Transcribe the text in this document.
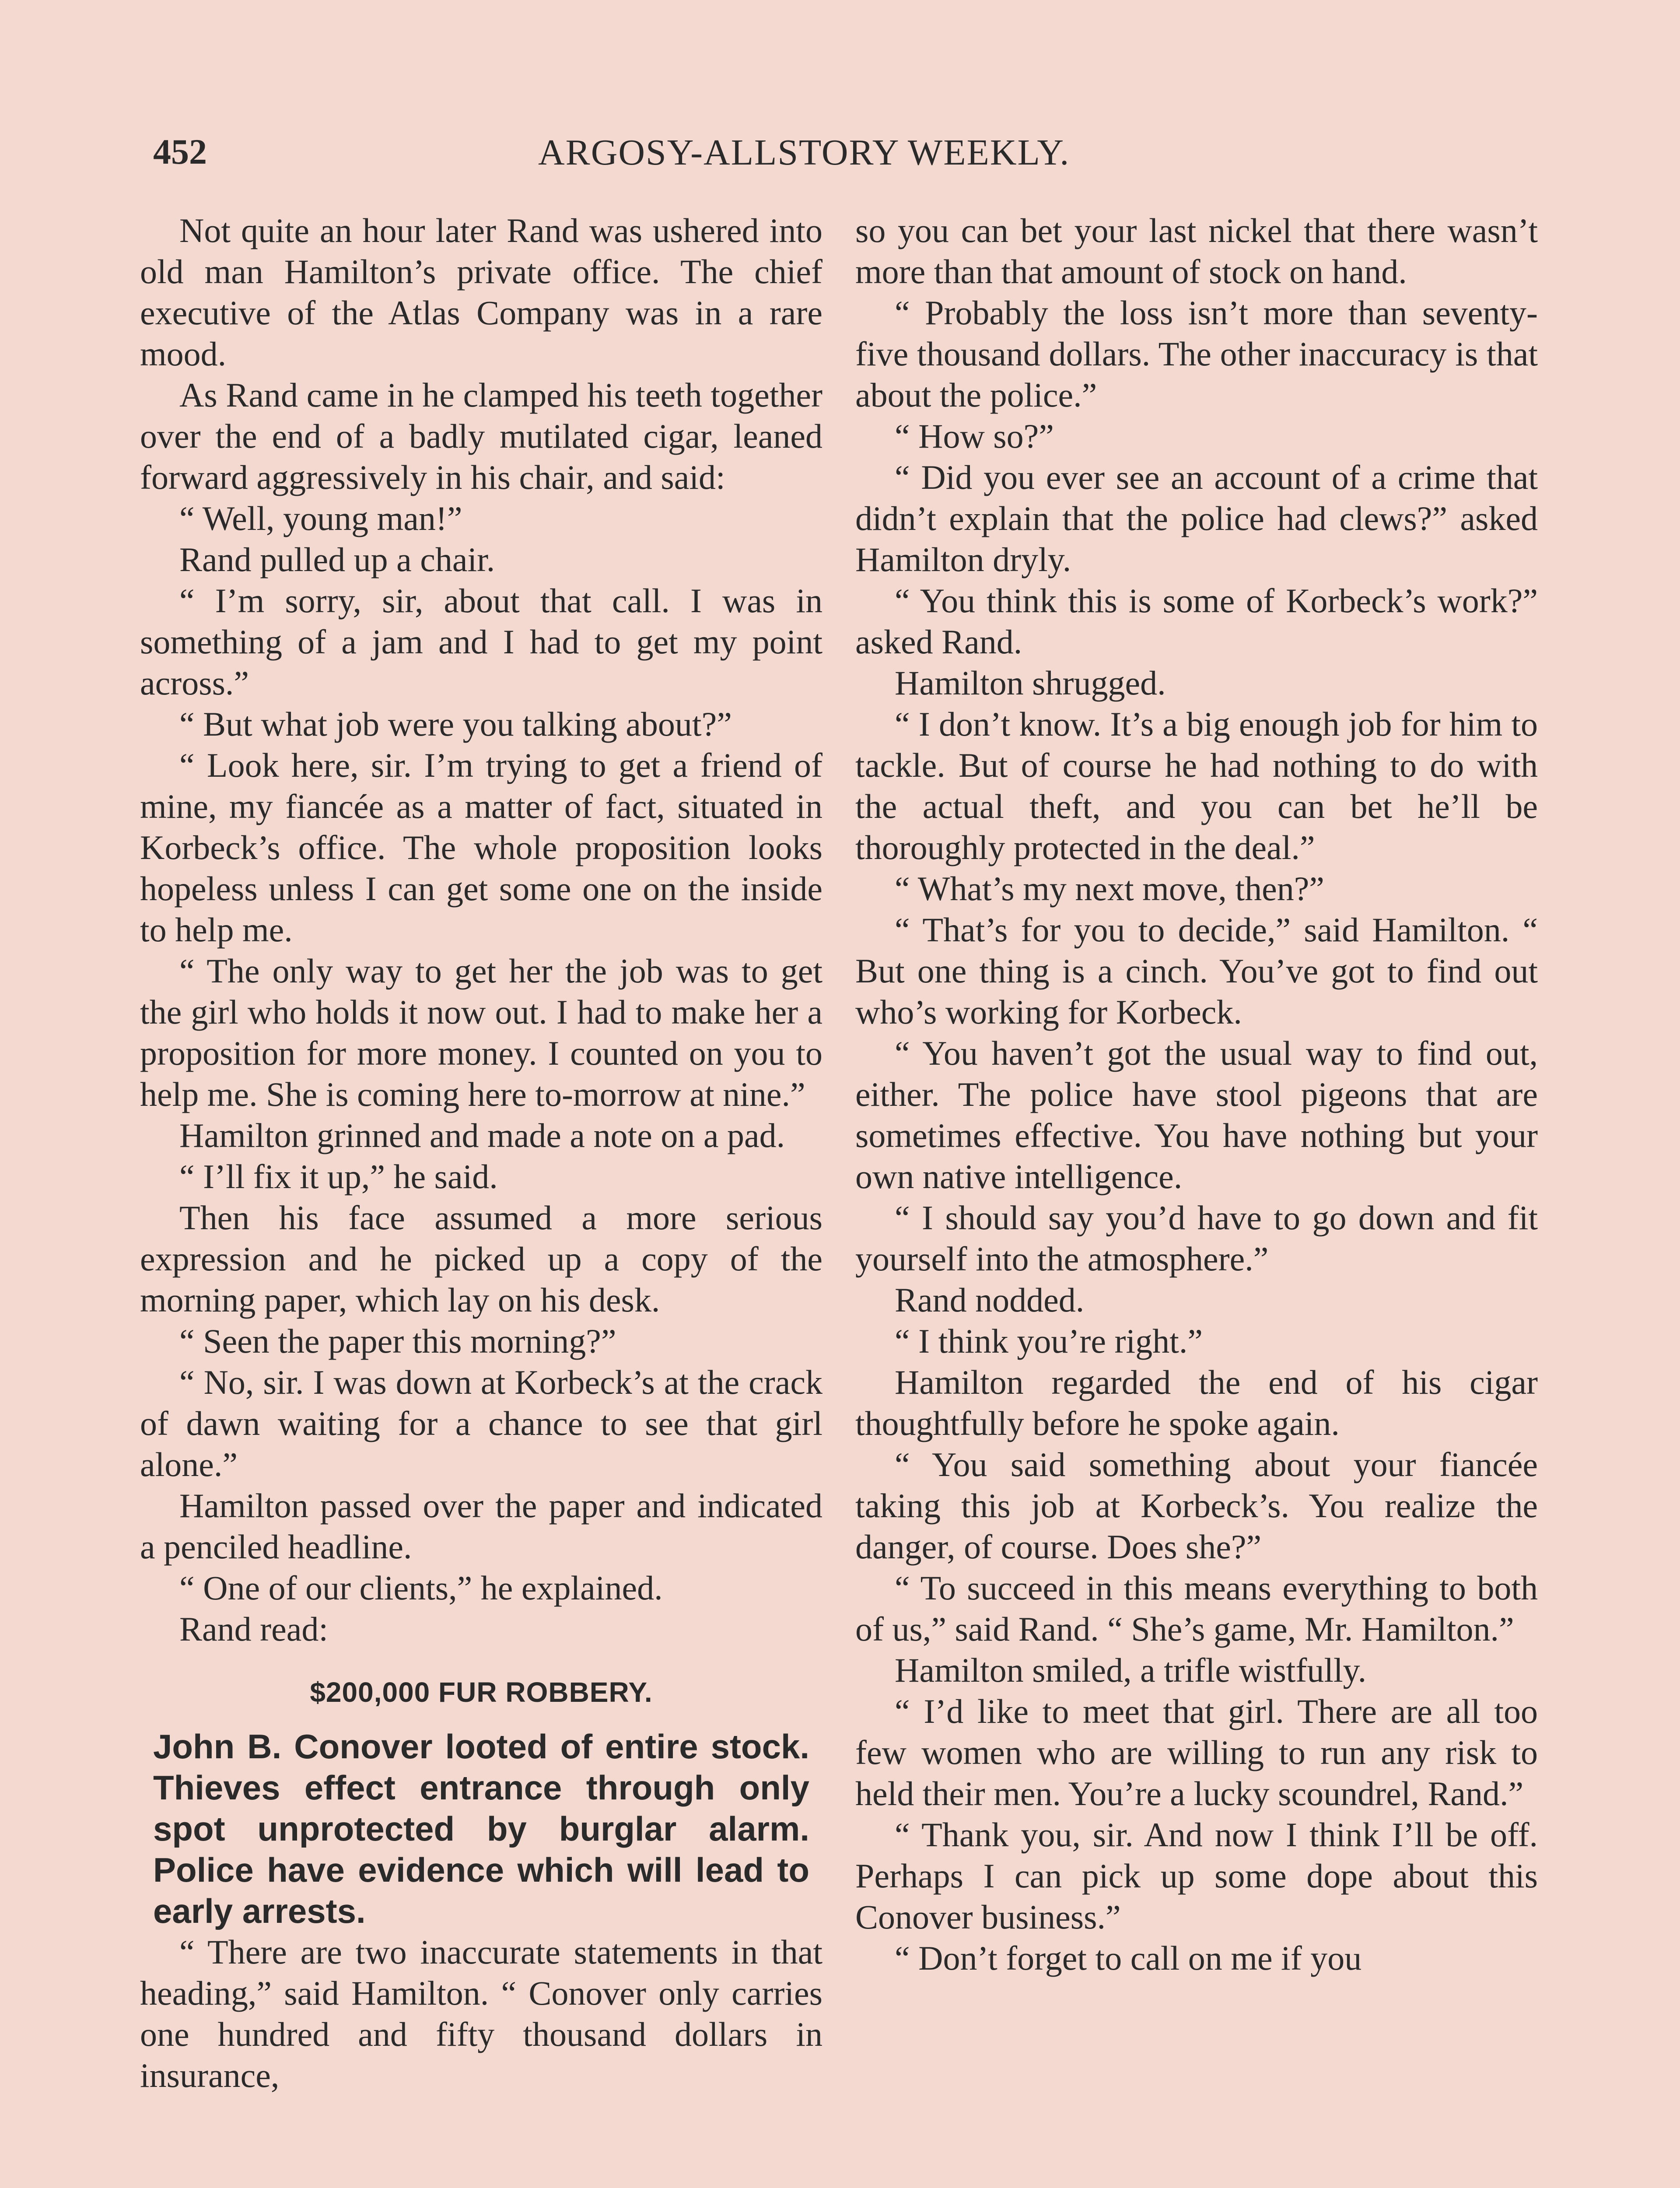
452	ARGOSY-ALLSTORY WEEKLY.

Not quite an hour later Rand was ushered into old man Hamilton’s private office. The chief executive of the Atlas Company was in a rare mood.

As Rand came in he clamped his teeth together over the end of a badly mutilated cigar, leaned forward aggressively in his chair, and said:

“ Well, young man!”

Rand pulled up a chair.

“ I’m sorry, sir, about that call. I was in something of a jam and I had to get my point across.”

“ But what job were you talking about?”

“ Look here, sir. I’m trying to get a friend of mine, my fiancée as a matter of fact, situated in Korbeck’s office. The whole proposition looks hopeless unless I can get some one on the inside to help me.

“ The only way to get her the job was to get the girl who holds it now out. I had to make her a proposition for more money. I counted on you to help me. She is coming here to-morrow at nine.”

Hamilton grinned and made a note on a pad.

“ I’ll fix it up,” he said.

Then his face assumed a more serious expression and he picked up a copy of the morning paper, which lay on his desk.

“ Seen the paper this morning?”

“ No, sir. I was down at Korbeck’s at the crack of dawn waiting for a chance to see that girl alone.”

Hamilton passed over the paper and indicated a penciled headline.

“ One of our clients,” he explained.

Rand read:

$200,000 FUR ROBBERY.

John B. Conover looted of entire stock. Thieves effect entrance through only spot unprotected by burglar alarm. Police have evidence which will lead to early arrests.

“ There are two inaccurate statements in that heading,” said Hamilton. “ Conover only carries one hundred and fifty thousand dollars in insurance,

so you can bet your last nickel that there wasn’t more than that amount of stock on hand.

“ Probably the loss isn’t more than seventy-five thousand dollars. The other inaccuracy is that about the police.”

“ How so?”

“ Did you ever see an account of a crime that didn’t explain that the police had clews?” asked Hamilton dryly.

“ You think this is some of Korbeck’s work?” asked Rand.

Hamilton shrugged.

“ I don’t know. It’s a big enough job for him to tackle. But of course he had nothing to do with the actual theft, and you can bet he’ll be thoroughly protected in the deal.”

“ What’s my next move, then?”

“ That’s for you to decide,” said Hamilton. “ But one thing is a cinch. You’ve got to find out who’s working for Korbeck.

“ You haven’t got the usual way to find out, either. The police have stool pigeons that are sometimes effective. You have nothing but your own native intelligence.

“ I should say you’d have to go down and fit yourself into the atmosphere.”

Rand nodded.

“ I think you’re right.”

Hamilton regarded the end of his cigar thoughtfully before he spoke again.

“ You said something about your fiancée taking this job at Korbeck’s. You realize the danger, of course. Does she?”

“ To succeed in this means everything to both of us,” said Rand. “ She’s game, Mr. Hamilton.”

Hamilton smiled, a trifle wistfully.

“ I’d like to meet that girl. There are all too few women who are willing to run any risk to held their men. You’re a lucky scoundrel, Rand.”

“ Thank you, sir. And now I think I’ll be off. Perhaps I can pick up some dope about this Conover business.”

“ Don’t forget to call on me if you
